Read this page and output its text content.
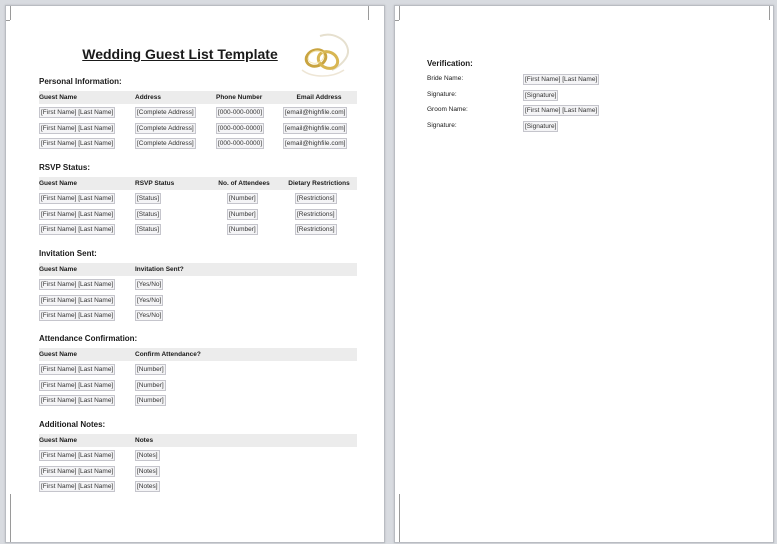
Wedding Guest List Template
Personal Information:
Guest Name	Address	Phone Number	Email Address
[First Name] [Last Name]	[Complete Address]	[000-000-0000]	[email@highfile.com]
[First Name] [Last Name]	[Complete Address]	[000-000-0000]	[email@highfile.com]
[First Name] [Last Name]	[Complete Address]	[000-000-0000]	[email@highfile.com]
RSVP Status:
Guest Name	RSVP Status	No. of Attendees	Dietary Restrictions
[First Name] [Last Name]	[Status]	[Number]	[Restrictions]
[First Name] [Last Name]	[Status]	[Number]	[Restrictions]
[First Name] [Last Name]	[Status]	[Number]	[Restrictions]
Invitation Sent:
Guest Name	Invitation Sent?
[First Name] [Last Name]	[Yes/No]
[First Name] [Last Name]	[Yes/No]
[First Name] [Last Name]	[Yes/No]
Attendance Confirmation:
Guest Name	Confirm Attendance?
[First Name] [Last Name]	[Number]
[First Name] [Last Name]	[Number]
[First Name] [Last Name]	[Number]
Additional Notes:
Guest Name	Notes
[First Name] [Last Name]	[Notes]
[First Name] [Last Name]	[Notes]
[First Name] [Last Name]	[Notes]
Verification:
Bride Name:	[First Name] [Last Name]
Signature:	[Signature]
Groom Name:	[First Name] [Last Name]
Signature:	[Signature]
